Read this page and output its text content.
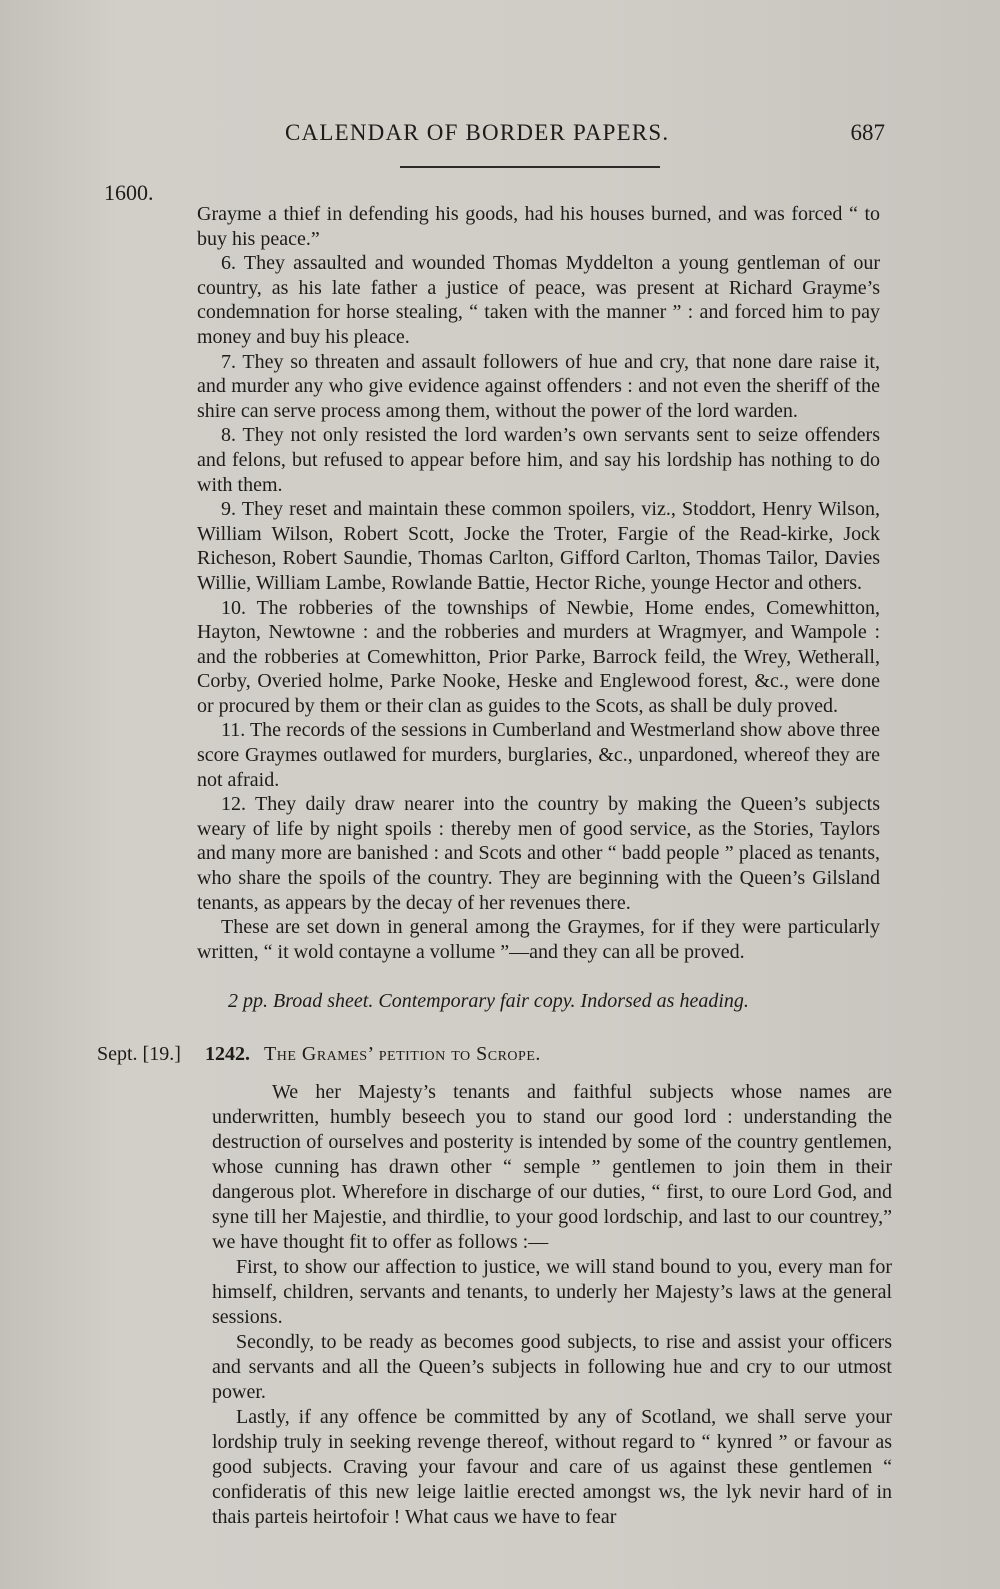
CALENDAR OF BORDER PAPERS.	687
1600.

Grayme a thief in defending his goods, had his houses burned, and was forced “ to buy his peace.”

6. They assaulted and wounded Thomas Myddelton a young gentleman of our country, as his late father a justice of peace, was present at Richard Grayme’s condemnation for horse stealing, “ taken with the manner ” : and forced him to pay money and buy his pleace.

7. They so threaten and assault followers of hue and cry, that none dare raise it, and murder any who give evidence against offenders : and not even the sheriff of the shire can serve process among them, without the power of the lord warden.

8. They not only resisted the lord warden’s own servants sent to seize offenders and felons, but refused to appear before him, and say his lordship has nothing to do with them.

9. They reset and maintain these common spoilers, viz., Stoddort, Henry Wilson, William Wilson, Robert Scott, Jocke the Troter, Fargie of the Read-kirke, Jock Richeson, Robert Saundie, Thomas Carlton, Gifford Carlton, Thomas Tailor, Davies Willie, William Lambe, Rowlande Battie, Hector Riche, younge Hector and others.

10. The robberies of the townships of Newbie, Home endes, Comewhitton, Hayton, Newtowne : and the robberies and murders at Wragmyer, and Wampole : and the robberies at Comewhitton, Prior Parke, Barrock feild, the Wrey, Wetherall, Corby, Overied holme, Parke Nooke, Heske and Englewood forest, &c., were done or procured by them or their clan as guides to the Scots, as shall be duly proved.

11. The records of the sessions in Cumberland and Westmerland show above three score Graymes outlawed for murders, burglaries, &c., unpardoned, whereof they are not afraid.

12. They daily draw nearer into the country by making the Queen’s subjects weary of life by night spoils : thereby men of good service, as the Stories, Taylors and many more are banished : and Scots and other “ badd people ” placed as tenants, who share the spoils of the country. They are beginning with the Queen’s Gilsland tenants, as appears by the decay of her revenues there.

These are set down in general among the Graymes, for if they were particularly written, “ it wold contayne a vollume ”—and they can all be proved.

2 pp. Broad sheet. Contemporary fair copy. Indorsed as heading.
Sept. [19.] 1242. The Grames’ petition to Scrope.

We her Majesty’s tenants and faithful subjects whose names are underwritten, humbly beseech you to stand our good lord : understanding the destruction of ourselves and posterity is intended by some of the country gentlemen, whose cunning has drawn other “ semple ” gentlemen to join them in their dangerous plot. Wherefore in discharge of our duties, “ first, to oure Lord God, and syne till her Majestie, and thirdlie, to your good lordschip, and last to our countrey,” we have thought fit to offer as follows :—

First, to show our affection to justice, we will stand bound to you, every man for himself, children, servants and tenants, to underly her Majesty’s laws at the general sessions.

Secondly, to be ready as becomes good subjects, to rise and assist your officers and servants and all the Queen’s subjects in following hue and cry to our utmost power.

Lastly, if any offence be committed by any of Scotland, we shall serve your lordship truly in seeking revenge thereof, without regard to “ kynred ” or favour as good subjects. Craving your favour and care of us against these gentlemen “ confideratis of this new leige laitlie erected amongst ws, the lyk nevir hard of in thais parteis heirtofoir ! What caus we have to fear
